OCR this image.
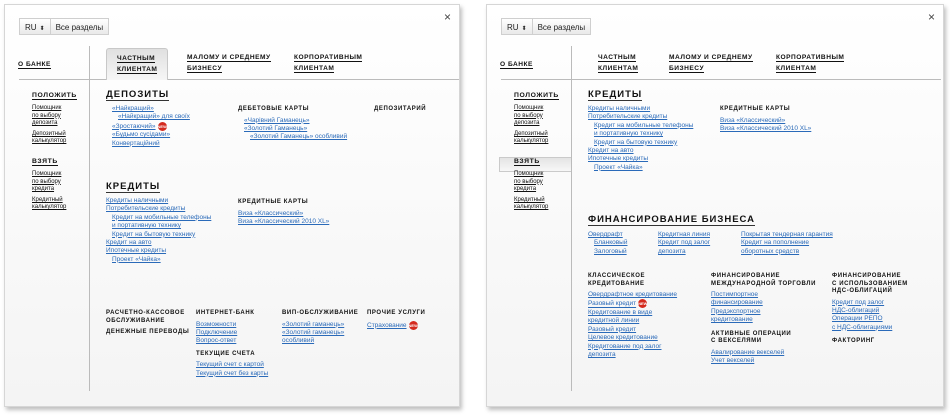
×
RU ⬍	Все разделы
О БАНКЕ
ЧАСТНЫМ
КЛИЕНТАМ
МАЛОМУ И СРЕДНЕМУ
БИЗНЕСУ
КОРПОРАТИВНЫМ
КЛИЕНТАМ
ПОЛОЖИТЬ
Помощник
по выбору
депозита
Депозитный
калькулятор
ВЗЯТЬ
Помощник
по выбору
кредита
Кредитный
калькулятор
ДЕПОЗИТЫ
«Найкращий»
«Найкращий» для своїх
«Зростаючий» NEW
«Будьмо сусідами»
Конвертаційний
ДЕБЕТОВЫЕ КАРТЫ
«Чарівний Гаманець»
«Золотий Гаманець»
«Золотий Гаманець» особливий
ДЕПОЗИТАРИЙ
КРЕДИТЫ
Кредиты наличными
Потребительские кредиты
Кредит на мобильные телефоны
и портативную технику
Кредит на бытовую технику
Кредит на авто
Ипотечные кредиты
Проект «Чайка»
КРЕДИТНЫЕ КАРТЫ
Виза «Классический»
Виза «Классический 2010 XL»
РАСЧЕТНО-КАССОВОЕ
ОБСЛУЖИВАНИЕ
ДЕНЕЖНЫЕ ПЕРЕВОДЫ
ИНТЕРНЕТ-БАНК
Возможности
Подключение
Вопрос-ответ
ТЕКУЩИЕ СЧЕТА
Текущий счет с картой
Текущий счет без карты
ВИП-ОБСЛУЖИВАНИЕ
«Золотий гаманець»
«Золотий гаманець»
особливий
ПРОЧИЕ УСЛУГИ
Страхование NEW
×
RU ⬍	Все разделы
О БАНКЕ
ЧАСТНЫМ
КЛИЕНТАМ
МАЛОМУ И СРЕДНЕМУ
БИЗНЕСУ
КОРПОРАТИВНЫМ
КЛИЕНТАМ
ПОЛОЖИТЬ
Помощник
по выбору
депозита
Депозитный
калькулятор
ВЗЯТЬ
Помощник
по выбору
кредита
Кредитный
калькулятор
КРЕДИТЫ
Кредиты наличными
Потребительские кредиты
Кредит на мобильные телефоны
и портативную технику
Кредит на бытовую технику
Кредит на авто
Ипотечные кредиты
Проект «Чайка»
КРЕДИТНЫЕ КАРТЫ
Виза «Классический»
Виза «Классический 2010 XL»
ФИНАНСИРОВАНИЕ БИЗНЕСА
Овердрафт
Бланковый
Залоговый
Кредитная линия
Кредит под залог
депозита
Покрытая тендерная гарантия
Кредит на пополнение
оборотных средств
КЛАССИЧЕСКОЕ
КРЕДИТОВАНИЕ
Овердрафтное кредитование
Разовый кредит NEW
Кредитование в виде
кредитной линии
Разовый кредит
Целевое кредитование
Кредитование под залог
депозита
ФИНАНСИРОВАНИЕ
МЕЖДУНАРОДНОЙ ТОРГОВЛИ
Постимпортное
финансирование
Предэкспортное
кредитование
АКТИВНЫЕ ОПЕРАЦИИ
С ВЕКСЕЛЯМИ
Авалирование векселей
Учет векселей
ФИНАНСИРОВАНИЕ
С ИСПОЛЬЗОВАНИЕМ
НДС-ОБЛИГАЦИЙ
Кредит под залог
НДС-облигаций
Операции РЕПО
с НДС-облигациями
ФАКТОРИНГ
